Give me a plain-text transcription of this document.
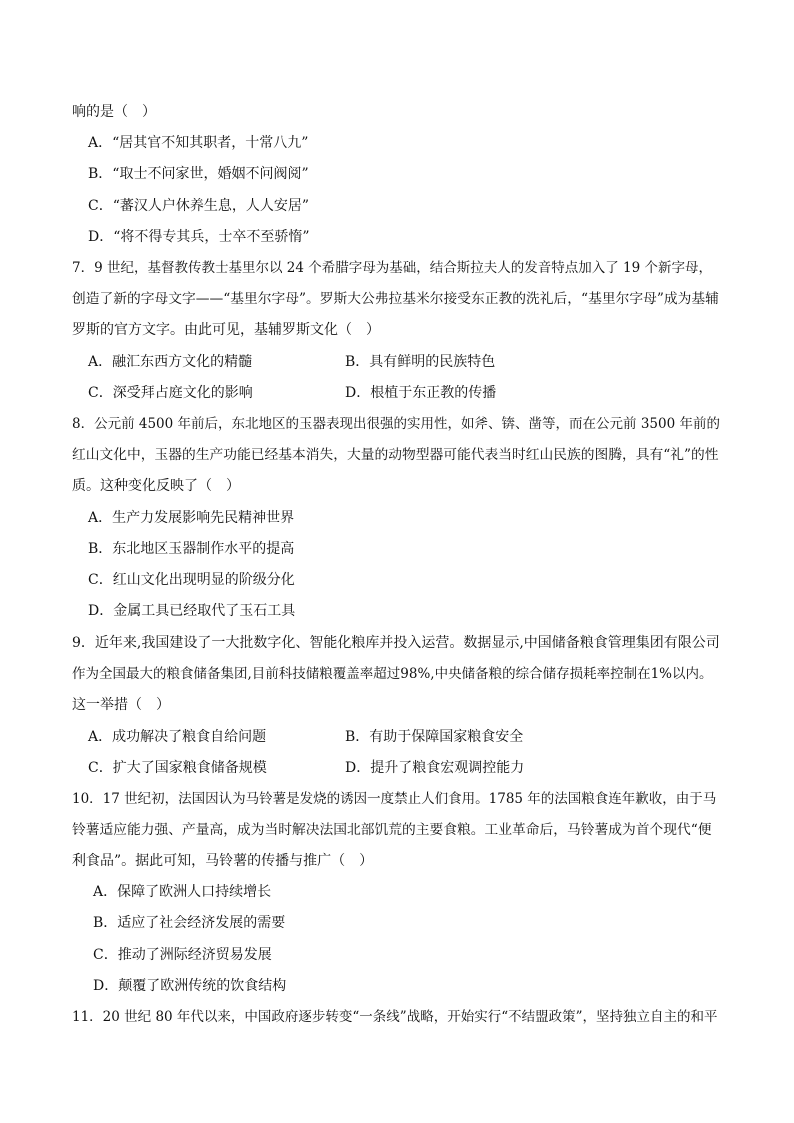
响的是（　）
A．“居其官不知其职者，十常八九”
B．“取士不问家世，婚姻不问阀阅”
C．“蕃汉人户休养生息，人人安居”
D．“将不得专其兵，士卒不至骄惰”
7．9 世纪，基督教传教士基里尔以 24 个希腊字母为基础，结合斯拉夫人的发音特点加入了 19 个新字母，
创造了新的字母文字——“基里尔字母”。罗斯大公弗拉基米尔接受东正教的洗礼后，“基里尔字母”成为基辅
罗斯的官方文字。由此可见，基辅罗斯文化（　）
A．融汇东西方文化的精髓	B．具有鲜明的民族特色
C．深受拜占庭文化的影响	D．根植于东正教的传播
8．公元前 4500 年前后，东北地区的玉器表现出很强的实用性，如斧、锛、凿等，而在公元前 3500 年前的
红山文化中，玉器的生产功能已经基本消失，大量的动物型器可能代表当时红山民族的图腾，具有“礼”的性
质。这种变化反映了（　）
A．生产力发展影响先民精神世界
B．东北地区玉器制作水平的提高
C．红山文化出现明显的阶级分化
D．金属工具已经取代了玉石工具
9．近年来,我国建设了一大批数字化、智能化粮库并投入运营。数据显示,中国储备粮食管理集团有限公司
作为全国最大的粮食储备集团,目前科技储粮覆盖率超过98%,中央储备粮的综合储存损耗率控制在1%以内。
这一举措（　）
A．成功解决了粮食自给问题	B．有助于保障国家粮食安全
C．扩大了国家粮食储备规模	D．提升了粮食宏观调控能力
10．17 世纪初，法国因认为马铃薯是发烧的诱因一度禁止人们食用。1785 年的法国粮食连年歉收，由于马
铃薯适应能力强、产量高，成为当时解决法国北部饥荒的主要食粮。工业革命后，马铃薯成为首个现代“便
利食品”。据此可知，马铃薯的传播与推广（　）
A．保障了欧洲人口持续增长
B．适应了社会经济发展的需要
C．推动了洲际经济贸易发展
D．颠覆了欧洲传统的饮食结构
11．20 世纪 80 年代以来，中国政府逐步转变“一条线”战略，开始实行“不结盟政策”，坚持独立自主的和平
